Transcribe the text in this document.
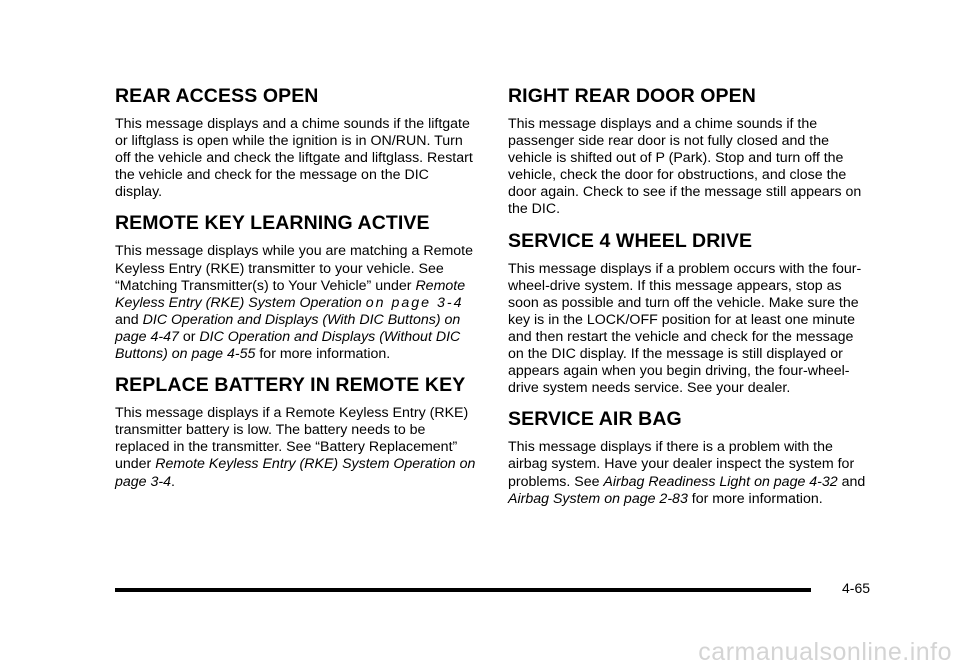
REAR ACCESS OPEN

This message displays and a chime sounds if the liftgate or liftglass is open while the ignition is in ON/RUN. Turn off the vehicle and check the liftgate and liftglass. Restart the vehicle and check for the message on the DIC display.

REMOTE KEY LEARNING ACTIVE

This message displays while you are matching a Remote Keyless Entry (RKE) transmitter to your vehicle. See “Matching Transmitter(s) to Your Vehicle” under Remote Keyless Entry (RKE) System Operation on page 3-4 and DIC Operation and Displays (With DIC Buttons) on page 4-47 or DIC Operation and Displays (Without DIC Buttons) on page 4-55 for more information.

REPLACE BATTERY IN REMOTE KEY

This message displays if a Remote Keyless Entry (RKE) transmitter battery is low. The battery needs to be replaced in the transmitter. See “Battery Replacement” under Remote Keyless Entry (RKE) System Operation on page 3-4.

RIGHT REAR DOOR OPEN

This message displays and a chime sounds if the passenger side rear door is not fully closed and the vehicle is shifted out of P (Park). Stop and turn off the vehicle, check the door for obstructions, and close the door again. Check to see if the message still appears on the DIC.

SERVICE 4 WHEEL DRIVE

This message displays if a problem occurs with the four-wheel-drive system. If this message appears, stop as soon as possible and turn off the vehicle. Make sure the key is in the LOCK/OFF position for at least one minute and then restart the vehicle and check for the message on the DIC display. If the message is still displayed or appears again when you begin driving, the four-wheel-drive system needs service. See your dealer.

SERVICE AIR BAG

This message displays if there is a problem with the airbag system. Have your dealer inspect the system for problems. See Airbag Readiness Light on page 4-32 and Airbag System on page 2-83 for more information.

4-65
carmanualsonline.info
